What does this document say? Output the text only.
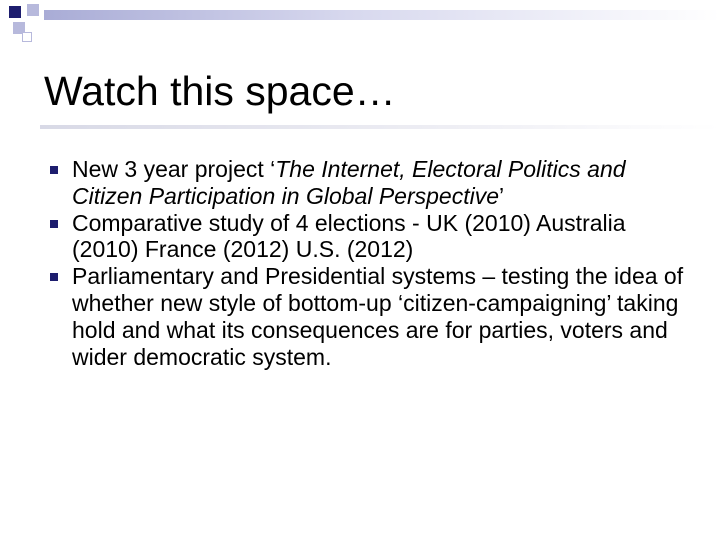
Watch this space…
New 3 year project ‘The Internet, Electoral Politics and Citizen Participation in Global Perspective’
Comparative study of 4 elections - UK (2010) Australia (2010) France (2012) U.S. (2012)
Parliamentary and Presidential systems – testing the idea of whether new style of bottom-up ‘citizen-campaigning’ taking hold and what its consequences are for parties, voters and wider democratic system.
